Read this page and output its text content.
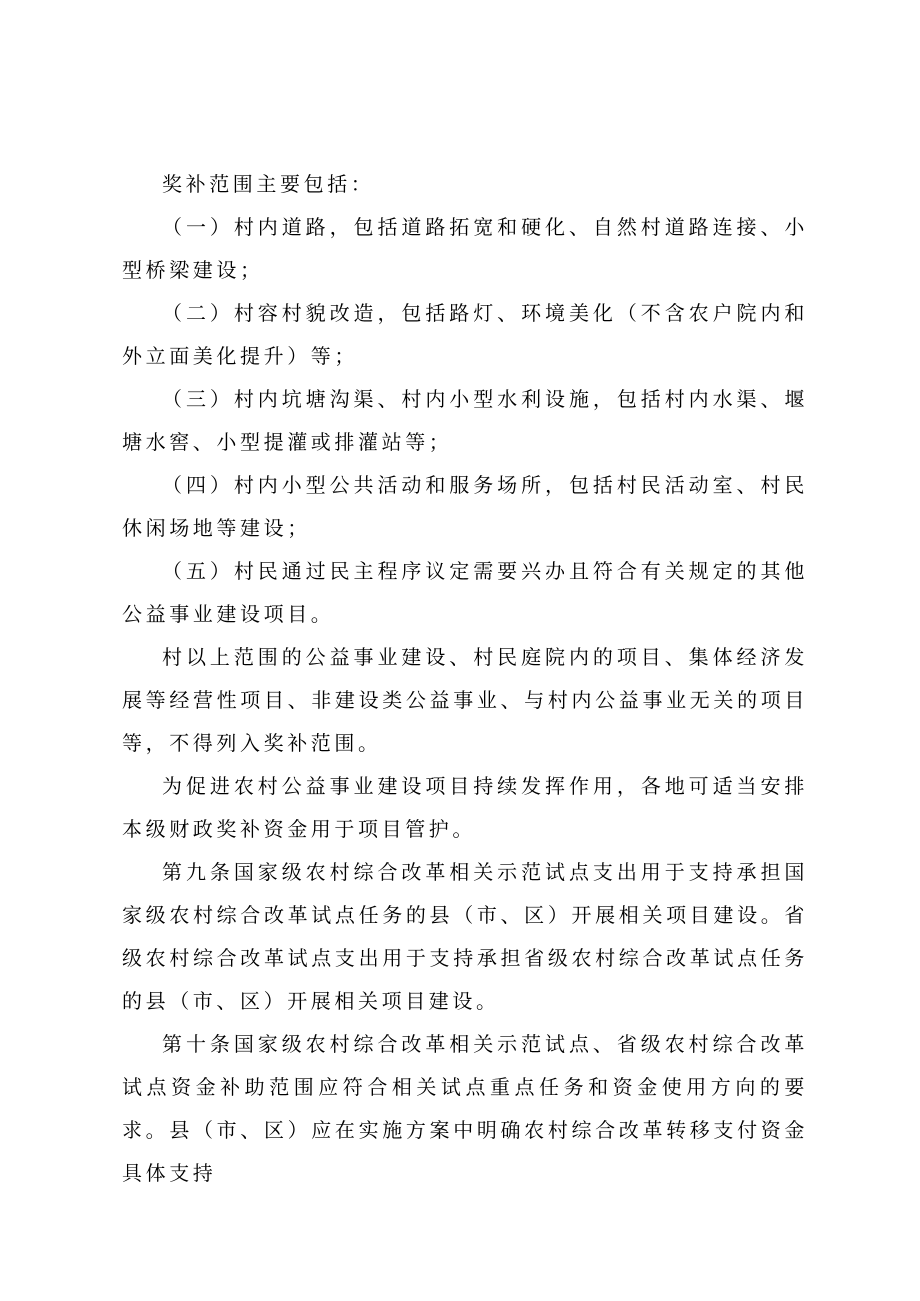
奖补范围主要包括：

（一）村内道路，包括道路拓宽和硬化、自然村道路连接、小型桥梁建设；

（二）村容村貌改造，包括路灯、环境美化（不含农户院内和外立面美化提升）等；

（三）村内坑塘沟渠、村内小型水利设施，包括村内水渠、堰塘水窖、小型提灌或排灌站等；

（四）村内小型公共活动和服务场所，包括村民活动室、村民休闲场地等建设；

（五）村民通过民主程序议定需要兴办且符合有关规定的其他公益事业建设项目。

村以上范围的公益事业建设、村民庭院内的项目、集体经济发展等经营性项目、非建设类公益事业、与村内公益事业无关的项目等，不得列入奖补范围。

为促进农村公益事业建设项目持续发挥作用，各地可适当安排本级财政奖补资金用于项目管护。

第九条国家级农村综合改革相关示范试点支出用于支持承担国家级农村综合改革试点任务的县（市、区）开展相关项目建设。省级农村综合改革试点支出用于支持承担省级农村综合改革试点任务的县（市、区）开展相关项目建设。

第十条国家级农村综合改革相关示范试点、省级农村综合改革试点资金补助范围应符合相关试点重点任务和资金使用方向的要求。县（市、区）应在实施方案中明确农村综合改革转移支付资金具体支持
